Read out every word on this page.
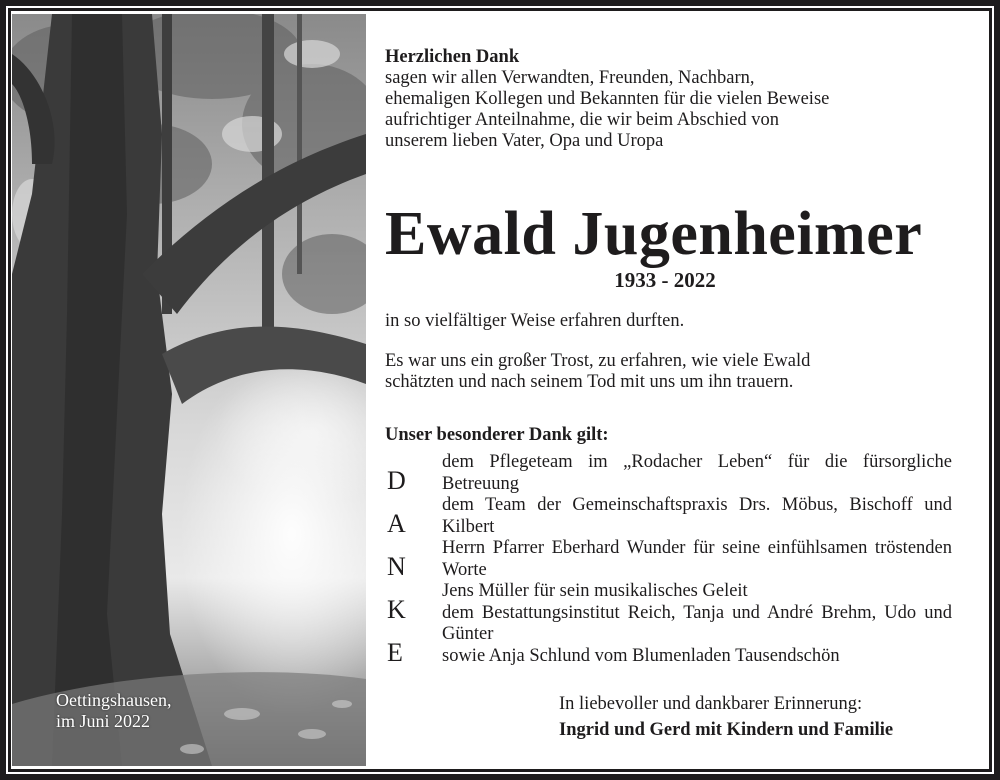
Oettingshausen,
im Juni 2022
Herzlichen Dank
sagen wir allen Verwandten, Freunden, Nachbarn,
ehemaligen Kollegen und Bekannten für die vielen Beweise
aufrichtiger Anteilnahme, die wir beim Abschied von
unserem lieben Vater, Opa und Uropa
Ewald Jugenheimer
1933 - 2022
in so vielfältiger Weise erfahren durften.
Es war uns ein großer Trost, zu erfahren, wie viele Ewald
schätzten und nach seinem Tod mit uns um ihn trauern.
Unser besonderer Dank gilt:
D
A
N
K
E
dem Pflegeteam im „Rodacher Leben“ für die fürsorgliche Betreuung
dem Team der Gemeinschaftspraxis Drs. Möbus, Bischoff und Kilbert
Herrn Pfarrer Eberhard Wunder für seine einfühlsamen tröstenden Worte
Jens Müller für sein musikalisches Geleit
dem Bestattungsinstitut Reich, Tanja und André Brehm, Udo und Günter
sowie Anja Schlund vom Blumenladen Tausendschön
In liebevoller und dankbarer Erinnerung:
Ingrid und Gerd mit Kindern und Familie
